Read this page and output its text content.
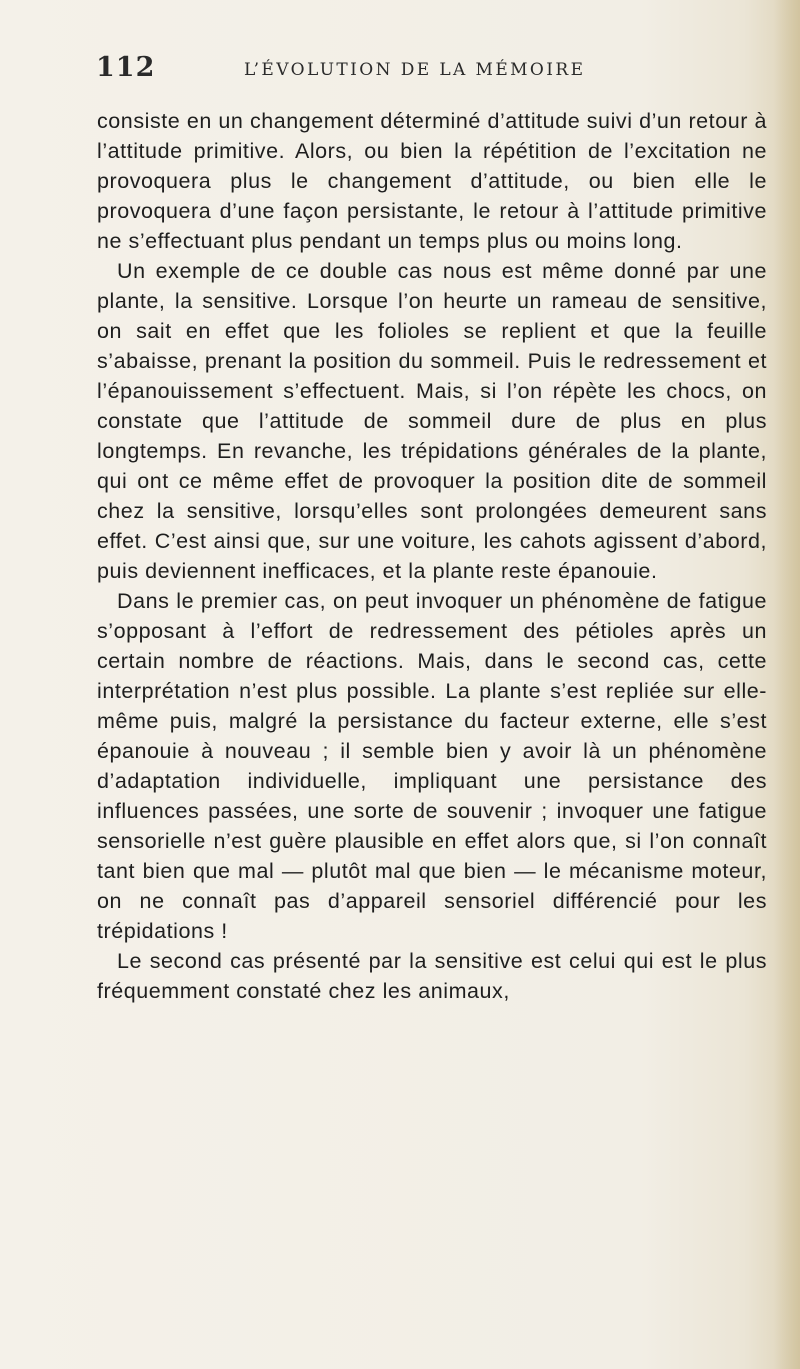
112	L’ÉVOLUTION DE LA MÉMOIRE

consiste en un changement déterminé d’attitude suivi d’un retour à l’attitude primitive. Alors, ou bien la répétition de l’excitation ne provoquera plus le changement d’attitude, ou bien elle le provoquera d’une façon persistante, le retour à l’attitude primitive ne s’effectuant plus pendant un temps plus ou moins long.

Un exemple de ce double cas nous est même donné par une plante, la sensitive. Lorsque l’on heurte un rameau de sensitive, on sait en effet que les folioles se replient et que la feuille s’abaisse, prenant la position du sommeil. Puis le redressement et l’épanouissement s’effectuent. Mais, si l’on répète les chocs, on constate que l’attitude de sommeil dure de plus en plus longtemps. En revanche, les trépidations générales de la plante, qui ont ce même effet de provoquer la position dite de sommeil chez la sensitive, lorsqu’elles sont prolongées demeurent sans effet. C’est ainsi que, sur une voiture, les cahots agissent d’abord, puis deviennent inefficaces, et la plante reste épanouie.

Dans le premier cas, on peut invoquer un phénomène de fatigue s’opposant à l’effort de redressement des pétioles après un certain nombre de réactions. Mais, dans le second cas, cette interprétation n’est plus possible. La plante s’est repliée sur elle-même puis, malgré la persistance du facteur externe, elle s’est épanouie à nouveau ; il semble bien y avoir là un phénomène d’adaptation individuelle, impliquant une persistance des influences passées, une sorte de souvenir ; invoquer une fatigue sensorielle n’est guère plausible en effet alors que, si l’on connaît tant bien que mal — plutôt mal que bien — le mécanisme moteur, on ne connaît pas d’appareil sensoriel différencié pour les trépidations !

Le second cas présenté par la sensitive est celui qui est le plus fréquemment constaté chez les animaux,
